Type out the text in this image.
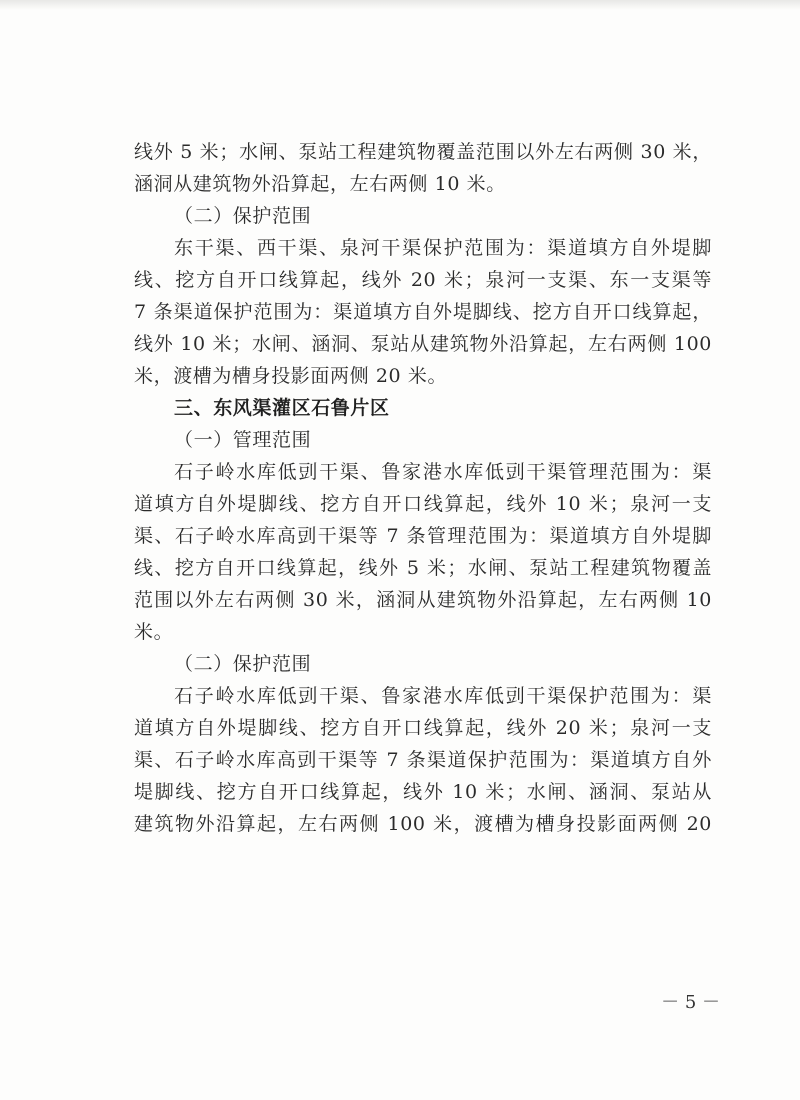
线外 5 米；水闸、泵站工程建筑物覆盖范围以外左右两侧 30 米，
涵洞从建筑物外沿算起，左右两侧 10 米。
（二）保护范围
东干渠、西干渠、泉河干渠保护范围为：渠道填方自外堤脚
线、挖方自开口线算起，线外 20 米；泉河一支渠、东一支渠等
7 条渠道保护范围为：渠道填方自外堤脚线、挖方自开口线算起，
线外 10 米；水闸、涵洞、泵站从建筑物外沿算起，左右两侧 100
米，渡槽为槽身投影面两侧 20 米。
三、东风渠灌区石鲁片区
（一）管理范围
石子岭水库低剅干渠、鲁家港水库低剅干渠管理范围为：渠
道填方自外堤脚线、挖方自开口线算起，线外 10 米；泉河一支
渠、石子岭水库高剅干渠等 7 条管理范围为：渠道填方自外堤脚
线、挖方自开口线算起，线外 5 米；水闸、泵站工程建筑物覆盖
范围以外左右两侧 30 米，涵洞从建筑物外沿算起，左右两侧 10
米。
（二）保护范围
石子岭水库低剅干渠、鲁家港水库低剅干渠保护范围为：渠
道填方自外堤脚线、挖方自开口线算起，线外 20 米；泉河一支
渠、石子岭水库高剅干渠等 7 条渠道保护范围为：渠道填方自外
堤脚线、挖方自开口线算起，线外 10 米；水闸、涵洞、泵站从
建筑物外沿算起，左右两侧 100 米，渡槽为槽身投影面两侧 20
－ 5 －
